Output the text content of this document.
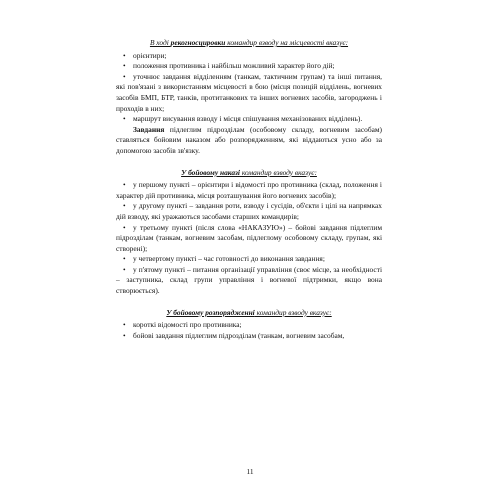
В ході рекогносцировки командир взводу на місцевості вказує:
• орієнтири;
• положення противника і найбільш можливий характер його дій;
• уточнює завдання відділенням (танкам, тактичним групам) та інші питання, які пов'язані з використанням місцевості в бою (місця позицій відділень, вогневих засобів БМП, БТР, танків, протитанкових та інших вогневих засобів, загороджень і проходів в них;
• маршрут висування взводу і місця спішування механізованих відділень).
Завдання підлеглим підрозділам (особовому складу, вогневим засобам) ставляться бойовим наказом або розпорядженням, які віддаються усно або за допомогою засобів зв'язку.
У бойовому наказі командир взводу вказує:
• у першому пункті – орієнтири і відомості про противника (склад, положення і характер дій противника, місця розташування його вогневих засобів);
• у другому пункті – завдання роти, взводу і сусідів, об'єкти і цілі на напрямках дій взводу, які уражаються засобами старших командирів;
• у третьому пункті (після слова «НАКАЗУЮ») – бойові завдання підлеглим підрозділам (танкам, вогневим засобам, підлеглому особовому складу, групам, які створені);
• у четвертому пункті – час готовності до виконання завдання;
• у п'ятому пункті – питання організації управління (своє місце, за необхідності – заступника, склад групи управління і вогневої підтримки, якщо вона створюється).
У бойовому розпорядженні командир взводу вказує:
• короткі відомості про противника;
• бойові завдання підлеглим підрозділам (танкам, вогневим засобам,
11
